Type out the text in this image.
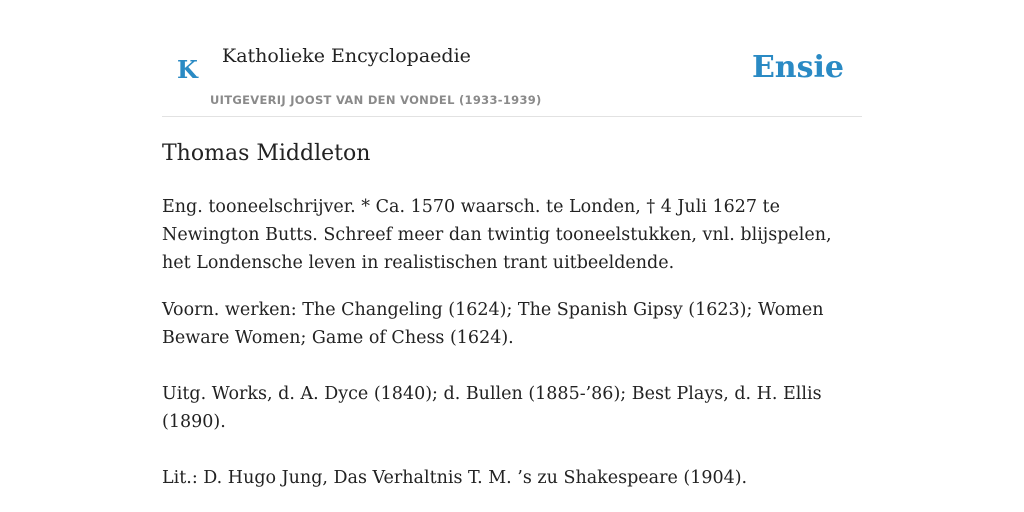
K Katholieke Encyclopaedie
UITGEVERIJ JOOST VAN DEN VONDEL (1933-1939)
Ensie
Thomas Middleton

Eng. tooneelschrijver. * Ca. 1570 waarsch. te Londen, † 4 Juli 1627 te Newington Butts. Schreef meer dan twintig tooneelstukken, vnl. blijspelen, het Londensche leven in realistischen trant uitbeeldende.

Voorn. werken: The Changeling (1624); The Spanish Gipsy (1623); Women Beware Women; Game of Chess (1624).

Uitg. Works, d. A. Dyce (1840); d. Bullen (1885-’86); Best Plays, d. H. Ellis (1890).

Lit.: D. Hugo Jung, Das Verhaltnis T. M. ’s zu Shakespeare (1904).
